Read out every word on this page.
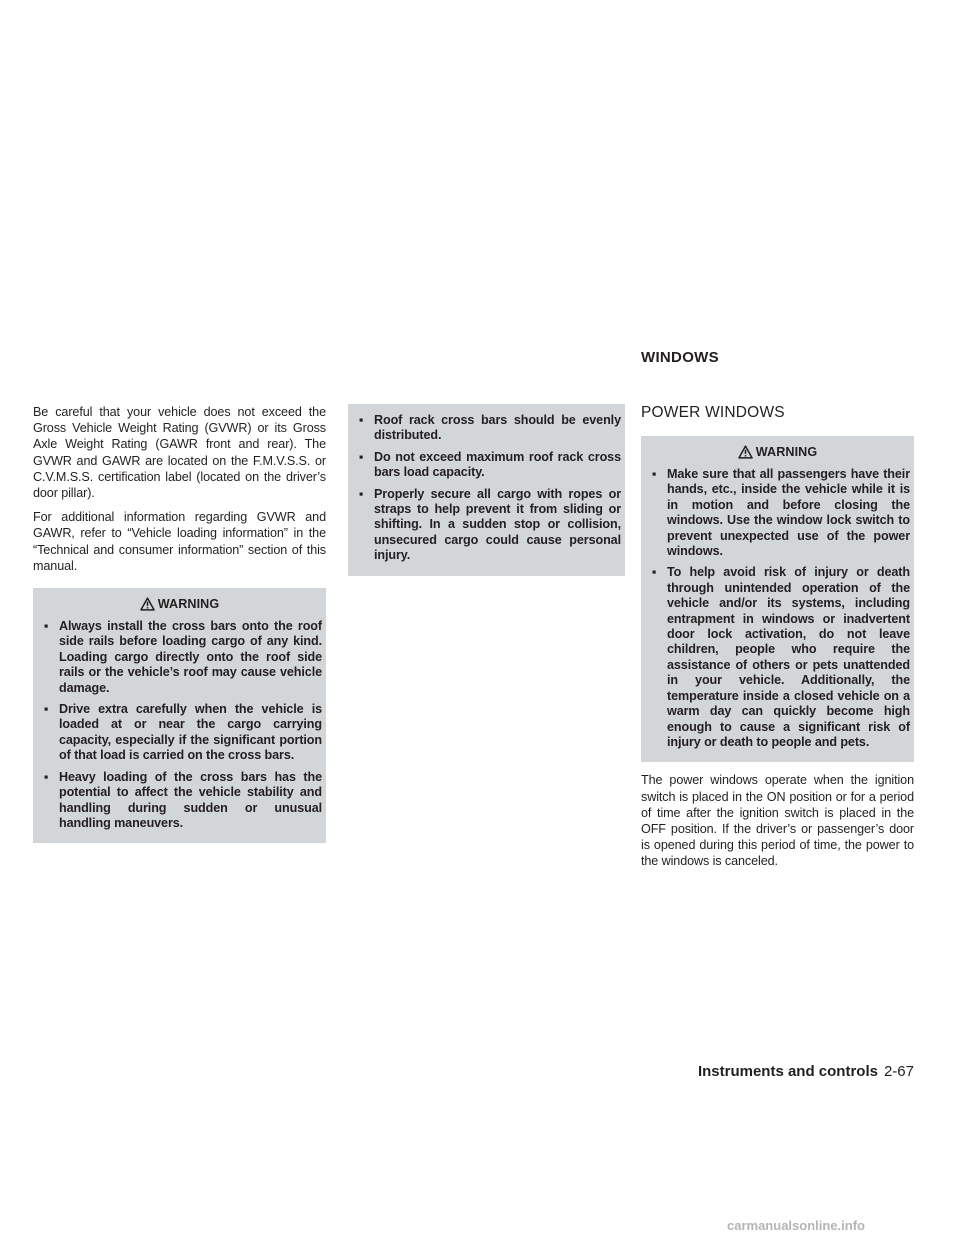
WINDOWS

Be careful that your vehicle does not exceed the Gross Vehicle Weight Rating (GVWR) or its Gross Axle Weight Rating (GAWR front and rear). The GVWR and GAWR are located on the F.M.V.S.S. or C.V.M.S.S. certification label (located on the driver’s door pillar).

For additional information regarding GVWR and GAWR, refer to “Vehicle loading information” in the “Technical and consumer information” section of this manual.

WARNING
▪ Always install the cross bars onto the roof side rails before loading cargo of any kind. Loading cargo directly onto the roof side rails or the vehicle’s roof may cause vehicle damage.
▪ Drive extra carefully when the vehicle is loaded at or near the cargo carrying capacity, especially if the significant portion of that load is carried on the cross bars.
▪ Heavy loading of the cross bars has the potential to affect the vehicle stability and handling during sudden or unusual handling maneuvers.
▪ Roof rack cross bars should be evenly distributed.
▪ Do not exceed maximum roof rack cross bars load capacity.
▪ Properly secure all cargo with ropes or straps to help prevent it from sliding or shifting. In a sudden stop or collision, unsecured cargo could cause personal injury.
POWER WINDOWS
WARNING
▪ Make sure that all passengers have their hands, etc., inside the vehicle while it is in motion and before closing the windows. Use the window lock switch to prevent unexpected use of the power windows.
▪ To help avoid risk of injury or death through unintended operation of the vehicle and/or its systems, including entrapment in windows or inadvertent door lock activation, do not leave children, people who require the assistance of others or pets unattended in your vehicle. Additionally, the temperature inside a closed vehicle on a warm day can quickly become high enough to cause a significant risk of injury or death to people and pets.

The power windows operate when the ignition switch is placed in the ON position or for a period of time after the ignition switch is placed in the OFF position. If the driver’s or passenger’s door is opened during this period of time, the power to the windows is canceled.

Instruments and controls 2-67
carmanualsonline.info
